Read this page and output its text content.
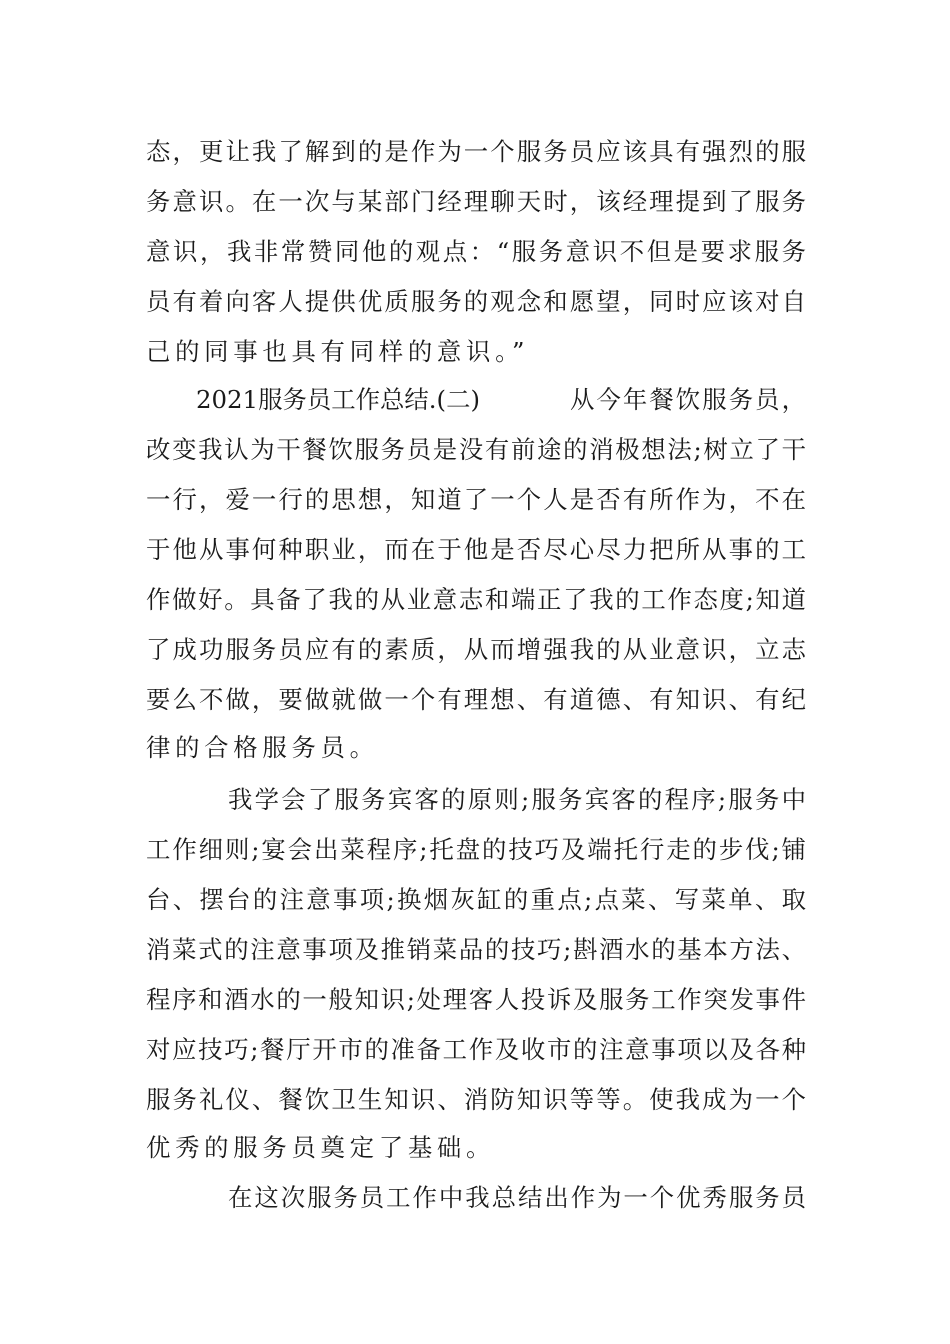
态，更让我了解到的是作为一个服务员应该具有强烈的服
务意识。在一次与某部门经理聊天时，该经理提到了服务
意识，我非常赞同他的观点：“服务意识不但是要求服务
员有着向客人提供优质服务的观念和愿望，同时应该对自
己的同事也具有同样的意识。”
2021服务员工作总结.(二)	从今年餐饮服务员，
改变我认为干餐饮服务员是没有前途的消极想法;树立了干
一行，爱一行的思想，知道了一个人是否有所作为，不在
于他从事何种职业，而在于他是否尽心尽力把所从事的工
作做好。具备了我的从业意志和端正了我的工作态度;知道
了成功服务员应有的素质，从而增强我的从业意识，立志
要么不做，要做就做一个有理想、有道德、有知识、有纪
律的合格服务员。
我学会了服务宾客的原则;服务宾客的程序;服务中
工作细则;宴会出菜程序;托盘的技巧及端托行走的步伐;铺
台、摆台的注意事项;换烟灰缸的重点;点菜、写菜单、取
消菜式的注意事项及推销菜品的技巧;斟酒水的基本方法、
程序和酒水的一般知识;处理客人投诉及服务工作突发事件
对应技巧;餐厅开市的准备工作及收市的注意事项以及各种
服务礼仪、餐饮卫生知识、消防知识等等。使我成为一个
优秀的服务员奠定了基础。
在这次服务员工作中我总结出作为一个优秀服务员
